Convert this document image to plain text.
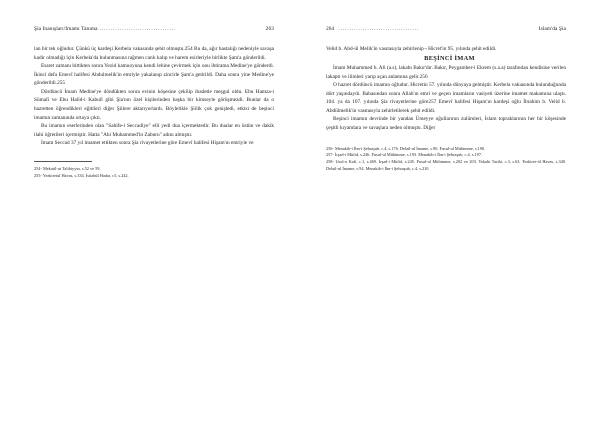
Şia İnanışları/İmamı Tanıma ..................................	263

lan bir tek oğludur. Çünkü üç kardeşi Kerbela vakasında şehit olmuştu.254 Bu da, ağır hastalığı nedeniyle savaşa kadir olmadığı için Kerbela'da bulunmasına rağmen canlı kalıp ve harem esirleriyle birlikte Şam'a gönderildi.

Esaret zamanı bittikten sonra Yezid kamuoyuna kendi lehine çevirmek için onu ihtirama Medine'ye gönderdi. İkinci defa Emevî halifesi Abdulmelik'in emriyle yakalanıp zincirle Şam'a getirildi. Daha sonra yine Medine'ye gönderildi.255

Dördüncü İmam Medine'ye döndükten sonra evinin köşesine çekilip ibadetle meşgul oldu. Ebu Hamza-i Sümalî ve Ebu Halid-i Kabulî gibi Şia'nın özel kişilerinden başka bir kimseyle görüşmezdi. Bunlar da o hazretten öğrendikleri eğitileri diğer Şiilere aktarıyorlardı. Böylelikle Şiilik çok genişledi, etkisi de beşinci imamın zamanında ortaya çıktı.

Bu imamın eserlerinden olan "Sahife-i Seccadiye" elli yedi dua içermektedir. Bu dualar en üstün ve dakik ilahi öğretileri içermiştir. Hatta "Ahi Muhammed'in Zaburu" adını almıştır.

İmam Seccad 37 yıl imamet ettikten sonra Şia rivayetlerine göre Emevî halifesi Hişam'ın emriyle ve

254- Mekatil-ut Talibiyyin, s.52 ve 59.

255- Yezkiretul Havas, s.334. İstiabül Hadat, c5, s.242.

264 ....................................	İslam'da Şia

Velid b. Abd-ül Melik'in vasıtasıyla zehirlenip¬ Hicret'in 95. yılında şehit edildi.

BEŞİNCİ İMAM

İmam Muhammed b. Ali (a.s), lakabı Bakır'dır. Bakır, Peygamber-i Ekrem (s.a.a) tarafından kendisine verilen lakaptı ve ilimleri yarıp açan anlamına gelir.256

O hazret dördüncü imamın oğludur. Hicretin 57. yılında dünyaya gelmiştir. Kerbela vakıasında bulunduğunda dört yaşındaydı. Babasından sonra Allah'ın emri ve geçen imamların vasiyeti üzerine imamet makamına ulaştı. 104. ya da 107. yılında Şia rivayetlerine göre257 Emevî halifesi Hişam'ın kardeşi oğlu İbrahim b. Velid b. Abdülmelik'in vasıtasıyla zehirletilerek şehit edildi.

Beşinci imamın devrinde bir yandan Ümeyye oğullarının zulümleri, İslam topraklarının her bir köşesinde çeşitli kıyamlara ve savaşlara neden olmuştu. Diğer

256- Menakib-i İbn-i Şehraşub, c.4, s.176. Delail-ul İmame, s.90. Fusul-ul Mühimme, s.190.

257- İrşad-i Müfid, s.246. Fusul-ul Mühimme, s.193. Menakib-i İbn-i Şehraşub, c.4, s.197.

258- Usul-u Kafi, c.1, s.469. İrşad-i Müfid, s.245. Fusul-ul Mühimme, s.202 ve 203. Yekabi Tarihi, c.3, s.63. Tezkiret-ül Havas, s.340. Delail-ul İmame, s.94. Menakib-i İbn-i Şehraşub, c.4, s.210.
